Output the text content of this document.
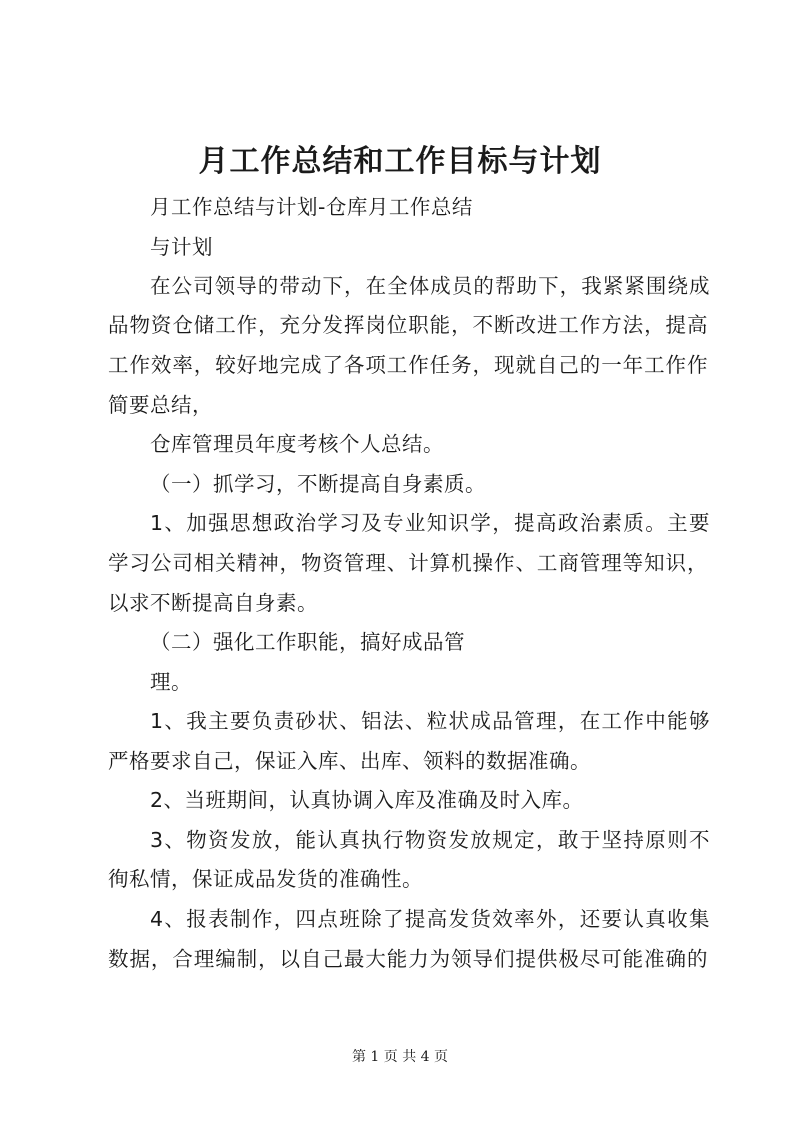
月工作总结和工作目标与计划

月工作总结与计划-仓库月工作总结

与计划

在公司领导的带动下，在全体成员的帮助下，我紧紧围绕成

品物资仓储工作，充分发挥岗位职能，不断改进工作方法，提高

工作效率，较好地完成了各项工作任务，现就自己的一年工作作

简要总结，

仓库管理员年度考核个人总结。

（一）抓学习，不断提高自身素质。

1、加强思想政治学习及专业知识学，提高政治素质。主要

学习公司相关精神，物资管理、计算机操作、工商管理等知识，

以求不断提高自身素。

（二）强化工作职能，搞好成品管

理。

1、我主要负责砂状、铝法、粒状成品管理，在工作中能够

严格要求自己，保证入库、出库、领料的数据准确。

2、当班期间，认真协调入库及准确及时入库。

3、物资发放，能认真执行物资发放规定，敢于坚持原则不

徇私情，保证成品发货的准确性。

4、报表制作，四点班除了提高发货效率外，还要认真收集

数据，合理编制，以自己最大能力为领导们提供极尽可能准确的

第 1 页 共 4 页
